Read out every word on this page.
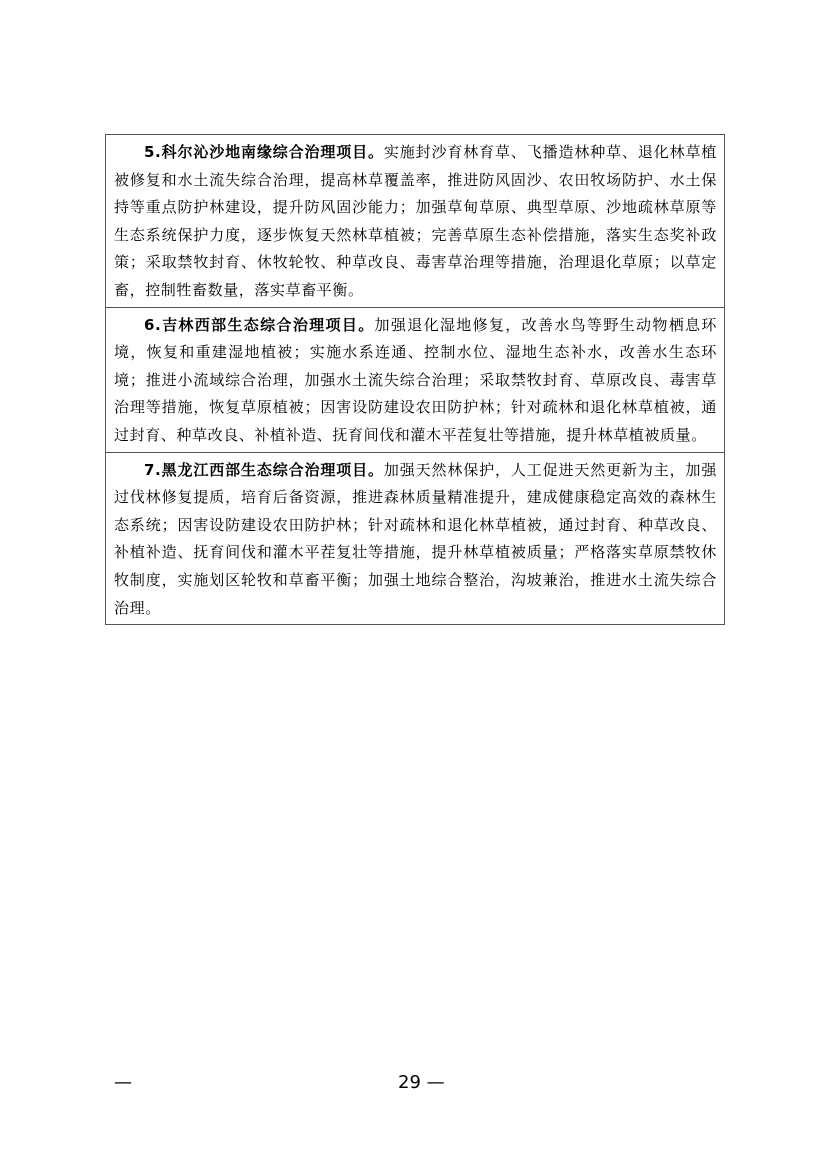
5.科尔沁沙地南缘综合治理项目。实施封沙育林育草、飞播造林种草、退化林草植被修复和水土流失综合治理，提高林草覆盖率，推进防风固沙、农田牧场防护、水土保持等重点防护林建设，提升防风固沙能力；加强草甸草原、典型草原、沙地疏林草原等生态系统保护力度，逐步恢复天然林草植被；完善草原生态补偿措施，落实生态奖补政策；采取禁牧封育、休牧轮牧、种草改良、毒害草治理等措施，治理退化草原；以草定畜，控制牲畜数量，落实草畜平衡。
6.吉林西部生态综合治理项目。加强退化湿地修复，改善水鸟等野生动物栖息环境，恢复和重建湿地植被；实施水系连通、控制水位、湿地生态补水，改善水生态环境；推进小流域综合治理，加强水土流失综合治理；采取禁牧封育、草原改良、毒害草治理等措施，恢复草原植被；因害设防建设农田防护林；针对疏林和退化林草植被，通过封育、种草改良、补植补造、抚育间伐和灌木平茬复壮等措施，提升林草植被质量。
7.黑龙江西部生态综合治理项目。加强天然林保护，人工促进天然更新为主，加强过伐林修复提质，培育后备资源，推进森林质量精准提升，建成健康稳定高效的森林生态系统；因害设防建设农田防护林；针对疏林和退化林草植被，通过封育、种草改良、补植补造、抚育间伐和灌木平茬复壮等措施，提升林草植被质量；严格落实草原禁牧休牧制度，实施划区轮牧和草畜平衡；加强土地综合整治，沟坡兼治，推进水土流失综合治理。
—	29 —
